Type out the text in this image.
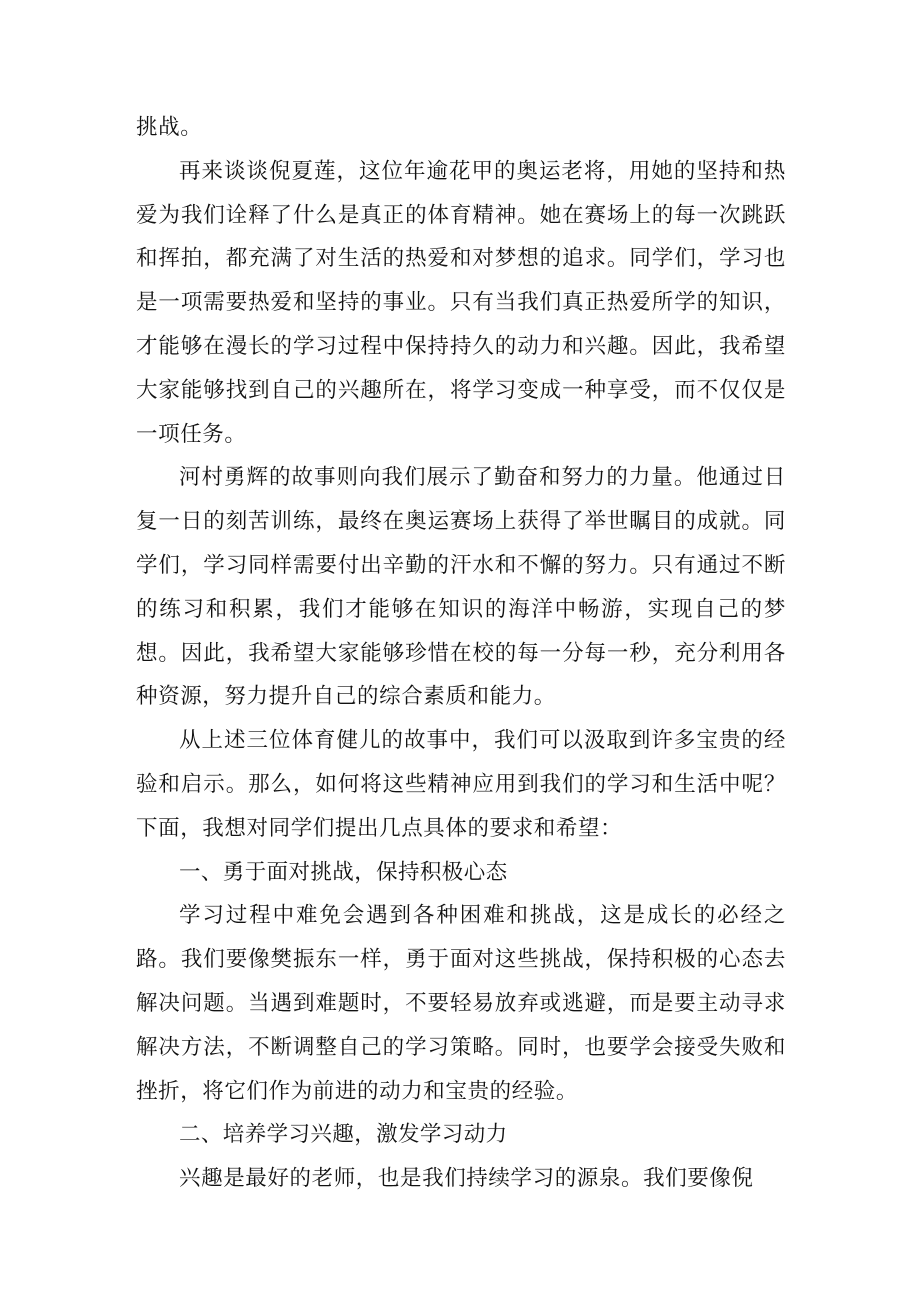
挑战。

再来谈谈倪夏莲，这位年逾花甲的奥运老将，用她的坚持和热爱为我们诠释了什么是真正的体育精神。她在赛场上的每一次跳跃和挥拍，都充满了对生活的热爱和对梦想的追求。同学们，学习也是一项需要热爱和坚持的事业。只有当我们真正热爱所学的知识，才能够在漫长的学习过程中保持持久的动力和兴趣。因此，我希望大家能够找到自己的兴趣所在，将学习变成一种享受，而不仅仅是一项任务。

河村勇辉的故事则向我们展示了勤奋和努力的力量。他通过日复一日的刻苦训练，最终在奥运赛场上获得了举世瞩目的成就。同学们，学习同样需要付出辛勤的汗水和不懈的努力。只有通过不断的练习和积累，我们才能够在知识的海洋中畅游，实现自己的梦想。因此，我希望大家能够珍惜在校的每一分每一秒，充分利用各种资源，努力提升自己的综合素质和能力。

从上述三位体育健儿的故事中，我们可以汲取到许多宝贵的经验和启示。那么，如何将这些精神应用到我们的学习和生活中呢？下面，我想对同学们提出几点具体的要求和希望：

一、勇于面对挑战，保持积极心态

学习过程中难免会遇到各种困难和挑战，这是成长的必经之路。我们要像樊振东一样，勇于面对这些挑战，保持积极的心态去解决问题。当遇到难题时，不要轻易放弃或逃避，而是要主动寻求解决方法，不断调整自己的学习策略。同时，也要学会接受失败和挫折，将它们作为前进的动力和宝贵的经验。

二、培养学习兴趣，激发学习动力

兴趣是最好的老师，也是我们持续学习的源泉。我们要像倪
